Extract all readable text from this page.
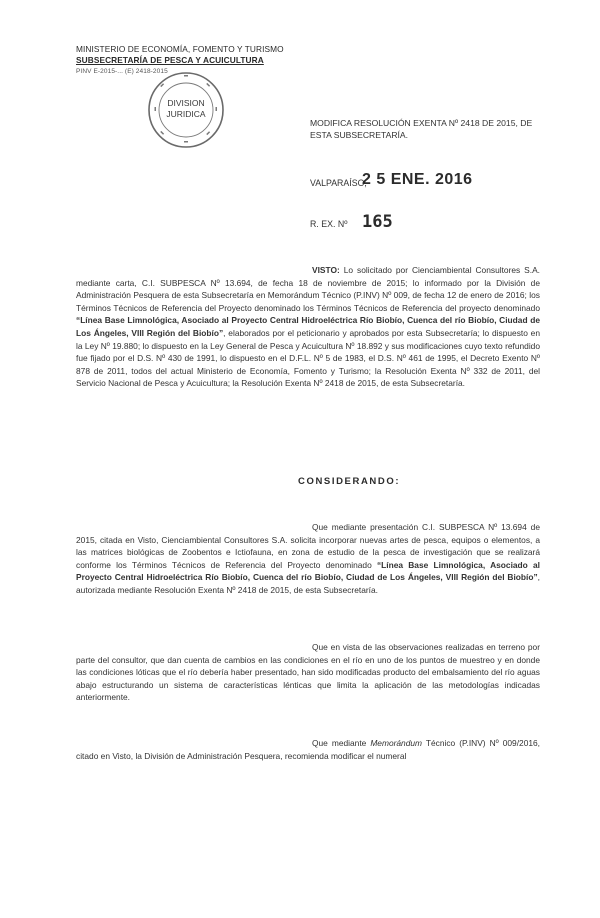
MINISTERIO DE ECONOMÍA, FOMENTO Y TURISMO
SUBSECRETARÍA DE PESCA Y ACUICULTURA
PINV E-2015-... (E) 2418-2015
DIVISION
JURIDICA
MODIFICA RESOLUCIÓN EXENTA Nº 2418 DE 2015, DE ESTA SUBSECRETARÍA.
VALPARAÍSO,
2 5 ENE. 2016
R. EX. Nº 165
VISTO: Lo solicitado por Cienciambiental Consultores S.A. mediante carta, C.I. SUBPESCA Nº 13.694, de fecha 18 de noviembre de 2015; lo informado por la División de Administración Pesquera de esta Subsecretaría en Memorándum Técnico (P.INV) Nº 009, de fecha 12 de enero de 2016; los Términos Técnicos de Referencia del Proyecto denominado los Términos Técnicos de Referencia del proyecto denominado “Línea Base Limnológica, Asociado al Proyecto Central Hidroeléctrica Río Biobío, Cuenca del río Biobío, Ciudad de Los Ángeles, VIII Región del Biobío”, elaborados por el peticionario y aprobados por esta Subsecretaría; lo dispuesto en la Ley Nº 19.880; lo dispuesto en la Ley General de Pesca y Acuicultura Nº 18.892 y sus modificaciones cuyo texto refundido fue fijado por el D.S. Nº 430 de 1991, lo dispuesto en el D.F.L. Nº 5 de 1983, el D.S. Nº 461 de 1995, el Decreto Exento Nº 878 de 2011, todos del actual Ministerio de Economía, Fomento y Turismo; la Resolución Exenta Nº 332 de 2011, del Servicio Nacional de Pesca y Acuicultura; la Resolución Exenta Nº 2418 de 2015, de esta Subsecretaría.
CONSIDERANDO:
Que mediante presentación C.I. SUBPESCA Nº 13.694 de 2015, citada en Visto, Cienciambiental Consultores S.A. solicita incorporar nuevas artes de pesca, equipos o elementos, a las matrices biológicas de Zoobentos e Ictiofauna, en zona de estudio de la pesca de investigación que se realizará conforme los Términos Técnicos de Referencia del Proyecto denominado “Línea Base Limnológica, Asociado al Proyecto Central Hidroeléctrica Río Biobío, Cuenca del río Biobío, Ciudad de Los Ángeles, VIII Región del Biobío”, autorizada mediante Resolución Exenta Nº 2418 de 2015, de esta Subsecretaría.
Que en vista de las observaciones realizadas en terreno por parte del consultor, que dan cuenta de cambios en las condiciones en el río en uno de los puntos de muestreo y en donde las condiciones lóticas que el río debería haber presentado, han sido modificadas producto del embalsamiento del río aguas abajo estructurando un sistema de características lénticas que limita la aplicación de las metodologías indicadas anteriormente.
Que mediante Memorándum Técnico (P.INV) Nº 009/2016, citado en Visto, la División de Administración Pesquera, recomienda modificar el numeral
